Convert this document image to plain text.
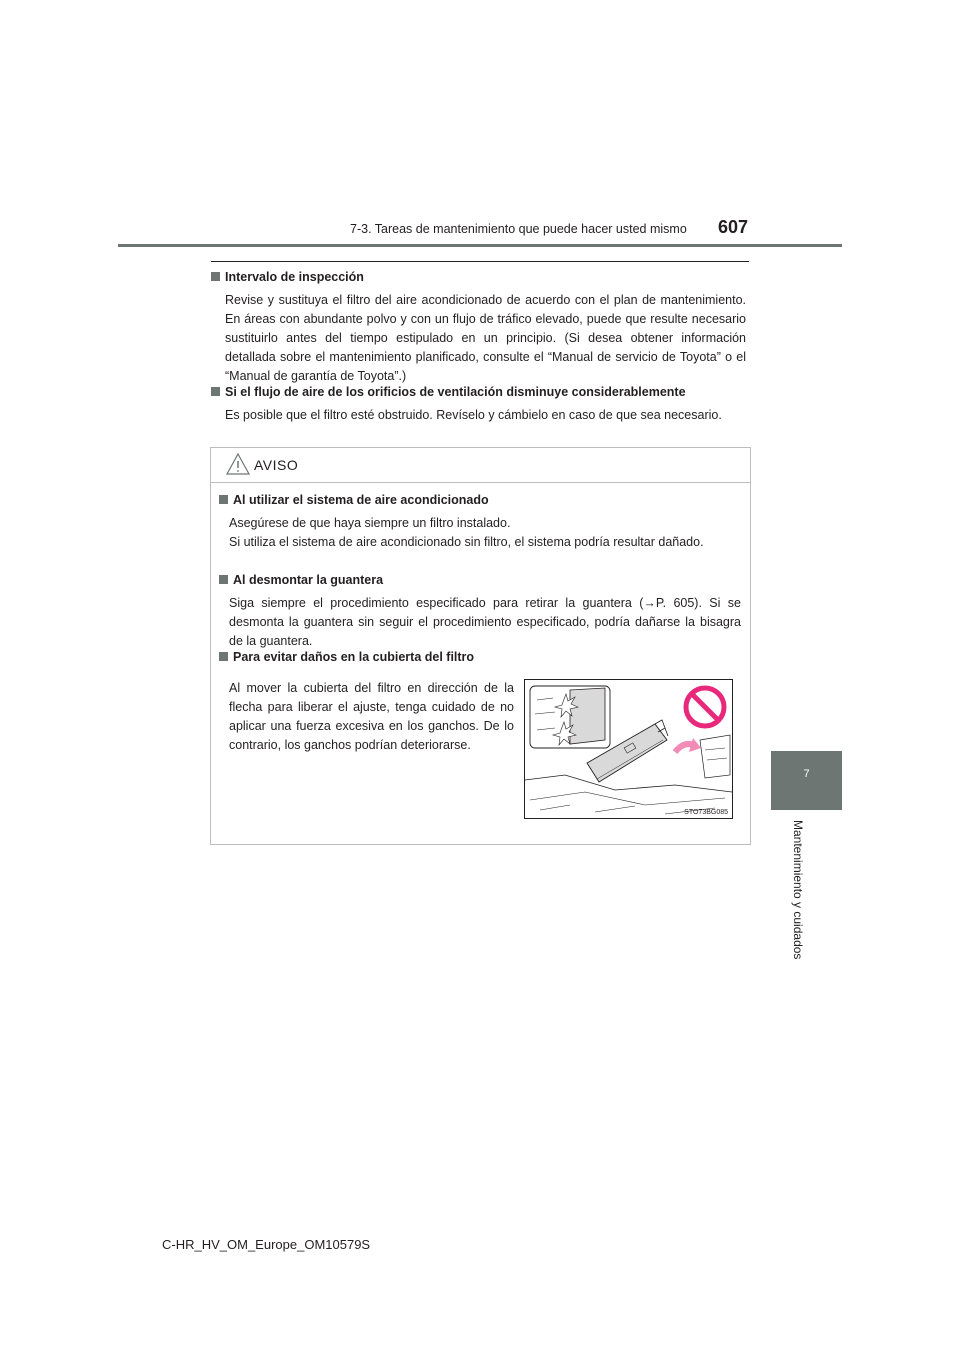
7-3. Tareas de mantenimiento que puede hacer usted mismo 607
7
Mantenimiento y cuidados

Intervalo de inspección

Revise y sustituya el filtro del aire acondicionado de acuerdo con el plan de mantenimiento. En áreas con abundante polvo y con un flujo de tráfico elevado, puede que resulte necesario sustituirlo antes del tiempo estipulado en un principio. (Si desea obtener información detallada sobre el mantenimiento planificado, consulte el “Manual de servicio de Toyota” o el “Manual de garantía de Toyota”.)

Si el flujo de aire de los orificios de ventilación disminuye considerablemente

Es posible que el filtro esté obstruido. Revíselo y cámbielo en caso de que sea necesario.

AVISO

Al utilizar el sistema de aire acondicionado

Asegúrese de que haya siempre un filtro instalado.

Si utiliza el sistema de aire acondicionado sin filtro, el sistema podría resultar dañado.

Al desmontar la guantera

Siga siempre el procedimiento especificado para retirar la guantera (→P. 605). Si se desmonta la guantera sin seguir el procedimiento especificado, podría dañarse la bisagra de la guantera.

Para evitar daños en la cubierta del filtro

Al mover la cubierta del filtro en dirección de la flecha para liberar el ajuste, tenga cuidado de no aplicar una fuerza excesiva en los ganchos. De lo contrario, los ganchos podrían deteriorarse.

STO73BG085
C-HR_HV_OM_Europe_OM10579S
